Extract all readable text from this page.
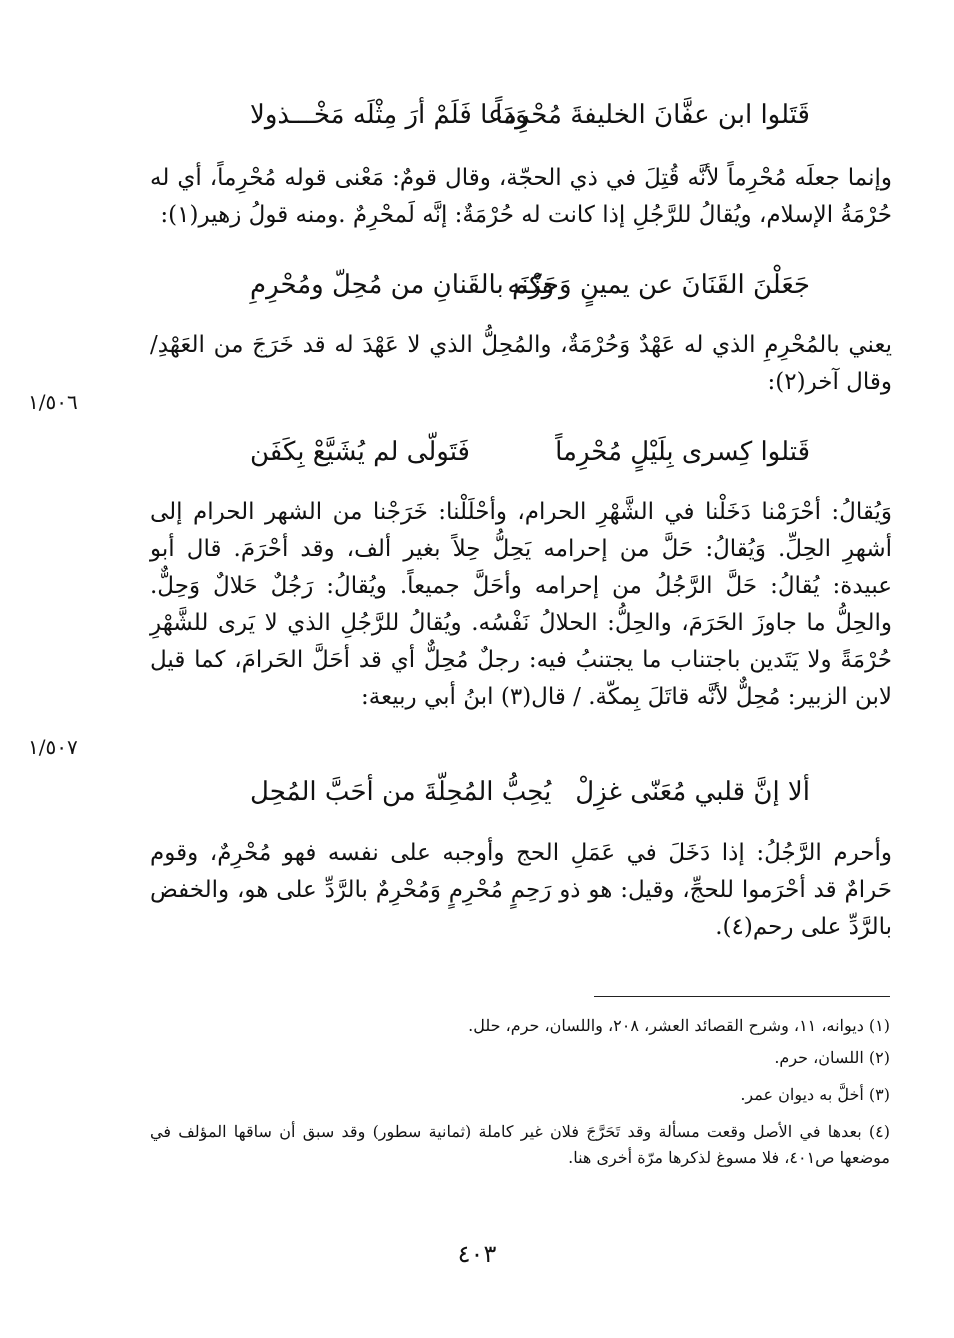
قَتَلوا ابن عفَّانَ الخليفةَ مُحْرِماً
وَدَعا فَلَمْ أرَ مِثْلَه مَخْـــذولا

وإنما جعلَه مُحْرِماً لأنَّه قُتِلَ في ذي الحجّة، وقال قومٌ: مَعْنى قوله مُحْرِماً، أي له حُرْمَةُ الإسلام، ويُقالُ للرَّجُلِ إذا كانت له حُرْمَةٌ: إنَّه لَمحْرِمٌ .ومنه قولُ زهير(١):

جَعَلْنَ القَنَانَ عن يمينٍ وَحَزْنَه
وكم بالقَنانِ من مُحِلّ ومُحْرِمِ

يعني بالمُحْرِمِ الذي له عَهْدٌ وَحُرْمَةٌ، والمُحِلُّ الذي لا عَهْدَ له قد خَرَجَ من العَهْدِ/ وقال آخر(٢):

١/٥٠٦
قَتلوا كِسرى بِلَيْلٍ مُحْرِماً
فَتَولّى لم يُشَيَّعْ بِكَفَن

وَيُقالُ: أحْرَمْنا دَخَلْنا في الشَّهْرِ الحرام، وأحْلَلْنا: خَرَجْنا من الشهر الحرام إلى أشهرِ الحِلِّ. وَيُقالُ: حَلَّ من إحرامه يَحِلُّ حِلاً بغير ألف، وقد أحْرَمَ. قال أبو عبيدة: يُقالُ: حَلَّ الرَّجُلُ من إحرامه وأحَلَّ جميعاً. ويُقالُ: رَجُلٌ حَلالٌ وَحِلٌّ. والحِلُّ ما جاوزَ الحَرَمَ، والحِلُّ: الحلالُ نَفْسُه. ويُقالُ للرَّجُلِ الذي لا يَرى للشَّهْرِ حُرْمَةً ولا يَتَدين باجتناب ما يجتنبُ فيه: رجلٌ مُحِلٌّ أي قد أحَلَّ الحَرامَ، كما قيل لابن الزبير: مُحِلٌّ لأنَّه قاتَلَ بِمكّة. / قال(٣) ابنُ أبي ربيعة:

١/٥٠٧
ألا إنَّ قلبي مُعَنّى غزِلْ
يُحِبُّ المُحِلّةَ من أحَبَّ المُحِل

وأحرم الرَّجُلُ: إذا دَخَلَ في عَمَلِ الحج وأوجبه على نفسه فهو مُحْرِمٌ، وقوم حَرامٌ قد أحْرَموا للحجِّ، وقيل: هو ذو رَحِمٍ مُحْرِمٍ وَمُحْرِمٌ بالرَّدِّ على هو، والخفض بالرَّدِّ على رحم(٤).

(١) ديوانه، ١١، وشرح القصائد العشر، ٢٠٨، واللسان، حرم، حلل.

(٢) اللسان، حرم.

(٣) أخلَّ به ديوان عمر.

(٤) بعدها في الأصل وقعت مسألة وقد تَحَرَّجَ فلان غير كاملة (ثمانية سطور) وقد سبق أن ساقها المؤلف في موضعها ص٤٠١، فلا مسوغ لذكرها مرّة أخرى هنا.

٤٠٣
